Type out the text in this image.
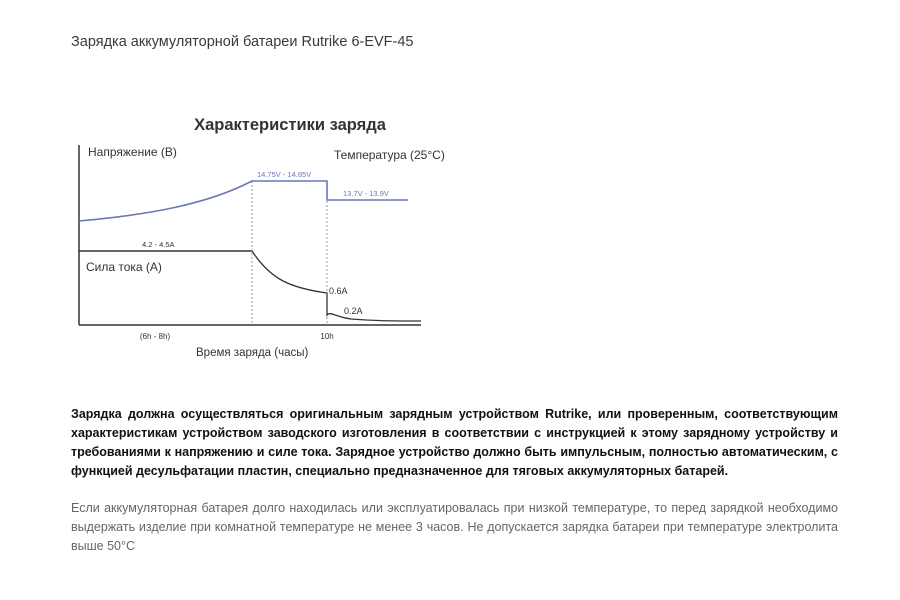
Зарядка аккумуляторной батареи Rutrike 6-EVF-45
Характеристики заряда
Напряжение (В)	Температура (25°C)
14.75V - 14.85V
13.7V - 13.9V
4.2 - 4.5A
Сила тока (A)
0.6A
0.2A
(6h - 8h)	10h
Время заряда (часы)

Зарядка должна осуществляться оригинальным зарядным устройством Rutrike, или проверенным, соответствующим характеристикам устройством заводского изготовления в соответствии с инструкцией к этому зарядному устройству и требованиями к напряжению и силе тока. Зарядное устройство должно быть импульсным, полностью автоматическим, с функцией десульфатации пластин, специально предназначенное для тяговых аккумуляторных батарей.

Если аккумуляторная батарея долго находилась или эксплуатировалась при низкой температуре, то перед зарядкой необходимо выдержать изделие при комнатной температуре не менее 3 часов. Не допускается зарядка батареи при температуре электролита выше 50°C
